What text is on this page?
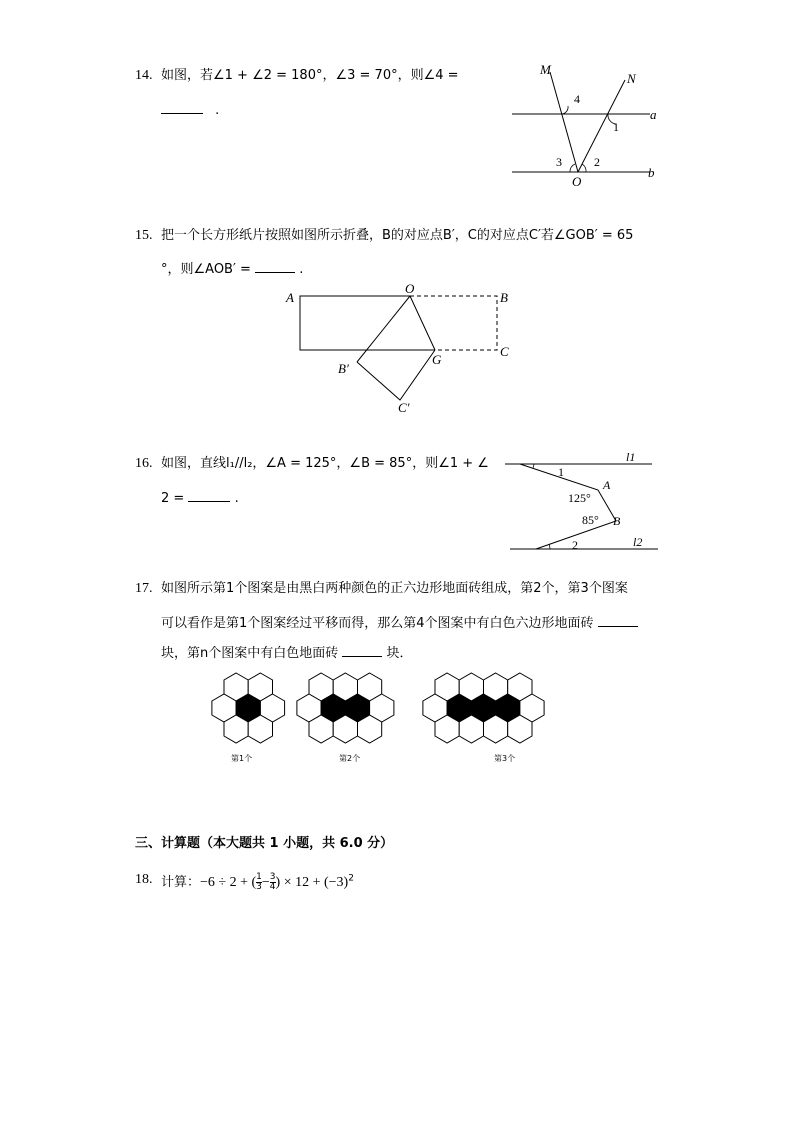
14. 如图，若∠1 + ∠2 = 180°，∠3 = 70°，则∠4 =
.
M
N
a
b
O
4
1
3	2
15. 把一个长方形纸片按照如图所示折叠，B的对应点B′，C的对应点C′若∠GOB′ = 65
°，则∠AOB′ =	.
A
O
B
C
G
B′
C′
16. 如图，直线l₁//l₂，∠A = 125°，∠B = 85°，则∠1 + ∠
2 =	.
1
2
A
B
125°
85°
l1
l2
17. 如图所示第1个图案是由黑白两种颜色的正六边形地面砖组成，第2个，第3个图案
可以看作是第1个图案经过平移而得，那么第4个图案中有白色六边形地面砖
块，第n个图案中有白色地面砖	块．
第1个	第2个	第3个
三、计算题（本大题共 1 小题，共 6.0 分）
18. 计算：−6 ÷ 2 + ( $\frac{1}{3} - \frac{3}{4}$ ) × $12 + (-3)^2$
